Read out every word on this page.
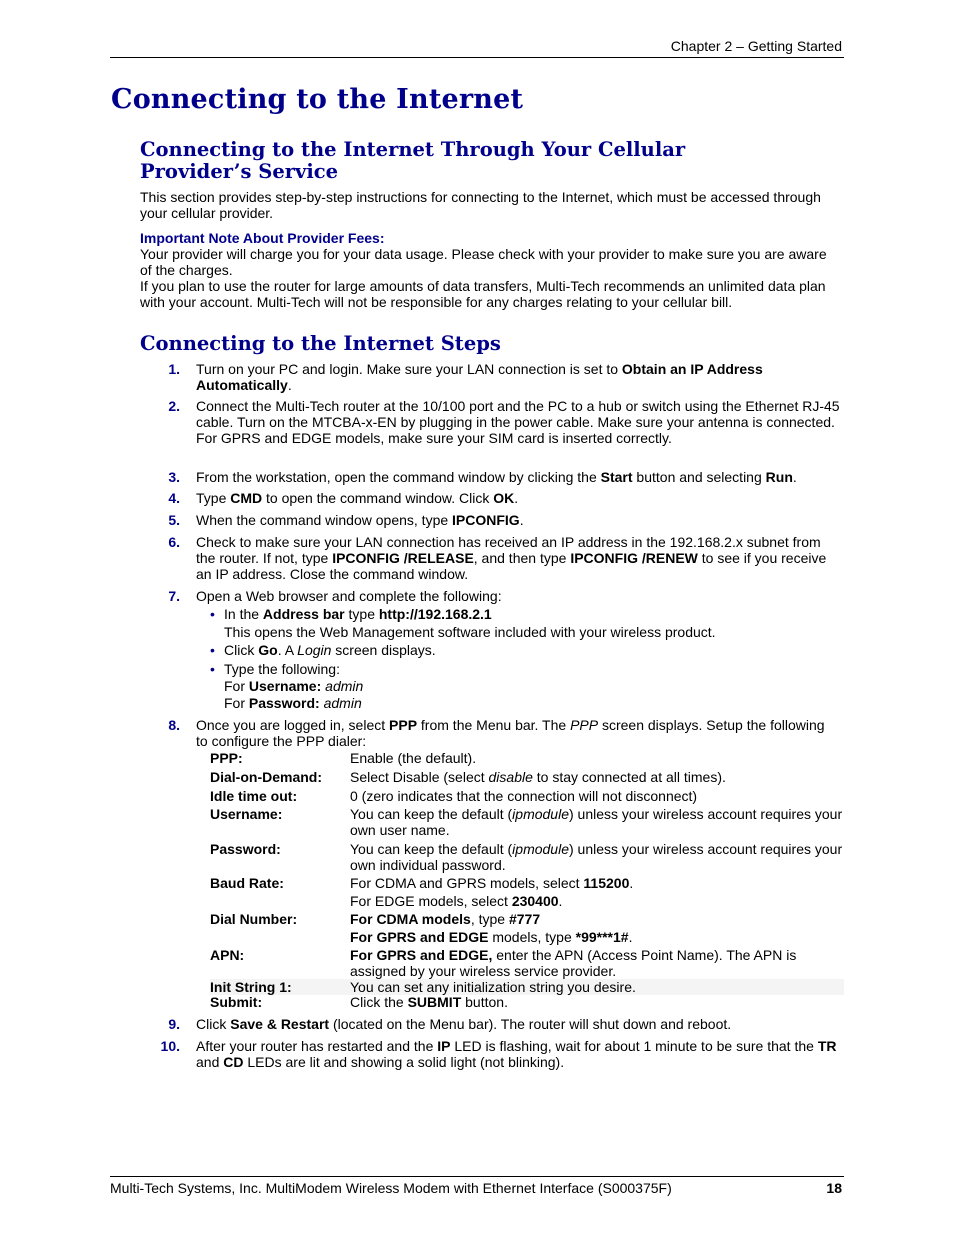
Chapter 2 – Getting Started
Connecting to the Internet
Connecting to the Internet Through Your Cellular
Provider’s Service
This section provides step-by-step instructions for connecting to the Internet, which must be accessed through your cellular provider.
Important Note About Provider Fees:
Your provider will charge you for your data usage. Please check with your provider to make sure you are aware of the charges.
If you plan to use the router for large amounts of data transfers, Multi-Tech recommends an unlimited data plan with your account. Multi-Tech will not be responsible for any charges relating to your cellular bill.
Connecting to the Internet Steps
1. Turn on your PC and login. Make sure your LAN connection is set to Obtain an IP Address Automatically.
2. Connect the Multi-Tech router at the 10/100 port and the PC to a hub or switch using the Ethernet RJ-45 cable. Turn on the MTCBA-x-EN by plugging in the power cable. Make sure your antenna is connected.
For GPRS and EDGE models, make sure your SIM card is inserted correctly.
3. From the workstation, open the command window by clicking the Start button and selecting Run.
4. Type CMD to open the command window. Click OK.
5. When the command window opens, type IPCONFIG.
6. Check to make sure your LAN connection has received an IP address in the 192.168.2.x subnet from the router. If not, type IPCONFIG /RELEASE, and then type IPCONFIG /RENEW to see if you receive an IP address. Close the command window.
7. Open a Web browser and complete the following:
• In the Address bar type http://192.168.2.1
This opens the Web Management software included with your wireless product.
• Click Go. A Login screen displays.
• Type the following:
For Username: admin
For Password: admin
8. Once you are logged in, select PPP from the Menu bar. The PPP screen displays. Setup the following to configure the PPP dialer:
PPP:	Enable (the default).
Dial-on-Demand: Select Disable (select disable to stay connected at all times).
Idle time out:	0 (zero indicates that the connection will not disconnect)
Username:	You can keep the default (ipmodule) unless your wireless account requires your own user name.
Password:	You can keep the default (ipmodule) unless your wireless account requires your own individual password.
Baud Rate:	For CDMA and GPRS models, select 115200.
For EDGE models, select 230400.
Dial Number:	For CDMA models, type #777
For GPRS and EDGE models, type *99***1#.
APN:	For GPRS and EDGE, enter the APN (Access Point Name). The APN is assigned by your wireless service provider.
Init String 1:	You can set any initialization string you desire.
Submit:	Click the SUBMIT button.
9. Click Save & Restart (located on the Menu bar). The router will shut down and reboot.
10. After your router has restarted and the IP LED is flashing, wait for about 1 minute to be sure that the TR and CD LEDs are lit and showing a solid light (not blinking).
Multi-Tech Systems, Inc. MultiModem Wireless Modem with Ethernet Interface (S000375F)	18
